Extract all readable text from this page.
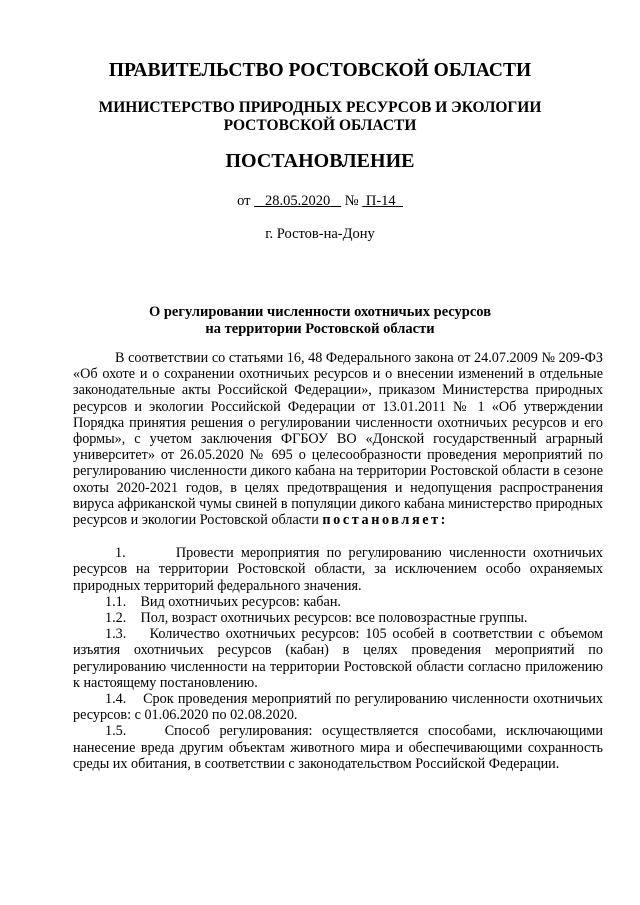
ПРАВИТЕЛЬСТВО РОСТОВСКОЙ ОБЛАСТИ
МИНИСТЕРСТВО ПРИРОДНЫХ РЕСУРСОВ И ЭКОЛОГИИ
РОСТОВСКОЙ ОБЛАСТИ
ПОСТАНОВЛЕНИЕ
от 28.05.2020 № П-14
г. Ростов-на-Дону
О регулировании численности охотничьих ресурсов
на территории Ростовской области

В соответствии со статьями 16, 48 Федерального закона от 24.07.2009 № 209-ФЗ «Об охоте и о сохранении охотничьих ресурсов и о внесении изменений в отдельные законодательные акты Российской Федерации», приказом Министерства природных ресурсов и экологии Российской Федерации от 13.01.2011 № 1 «Об утверждении Порядка принятия решения о регулировании численности охотничьих ресурсов и его формы», с учетом заключения ФГБОУ ВО «Донской государственный аграрный университет» от 26.05.2020 № 695 о целесообразности проведения мероприятий по регулированию численности дикого кабана на территории Ростовской области в сезоне охоты 2020-2021 годов, в целях предотвращения и недопущения распространения вируса африканской чумы свиней в популяции дикого кабана министерство природных ресурсов и экологии Ростовской области постановляет:

1.	Провести мероприятия по регулированию численности охотничьих ресурсов на территории Ростовской области, за исключением особо охраняемых природных территорий федерального значения.

1.1. Вид охотничьих ресурсов: кабан.

1.2. Пол, возраст охотничьих ресурсов: все половозрастные группы.

1.3. Количество охотничьих ресурсов: 105 особей в соответствии с объемом изъятия охотничьих ресурсов (кабан) в целях проведения мероприятий по регулированию численности на территории Ростовской области согласно приложению к настоящему постановлению.

1.4. Срок проведения мероприятий по регулированию численности охотничьих ресурсов: с 01.06.2020 по 02.08.2020.

1.5.	Способ регулирования: осуществляется способами, исключающими нанесение вреда другим объектам животного мира и обеспечивающими сохранность среды их обитания, в соответствии с законодательством Российской Федерации.
